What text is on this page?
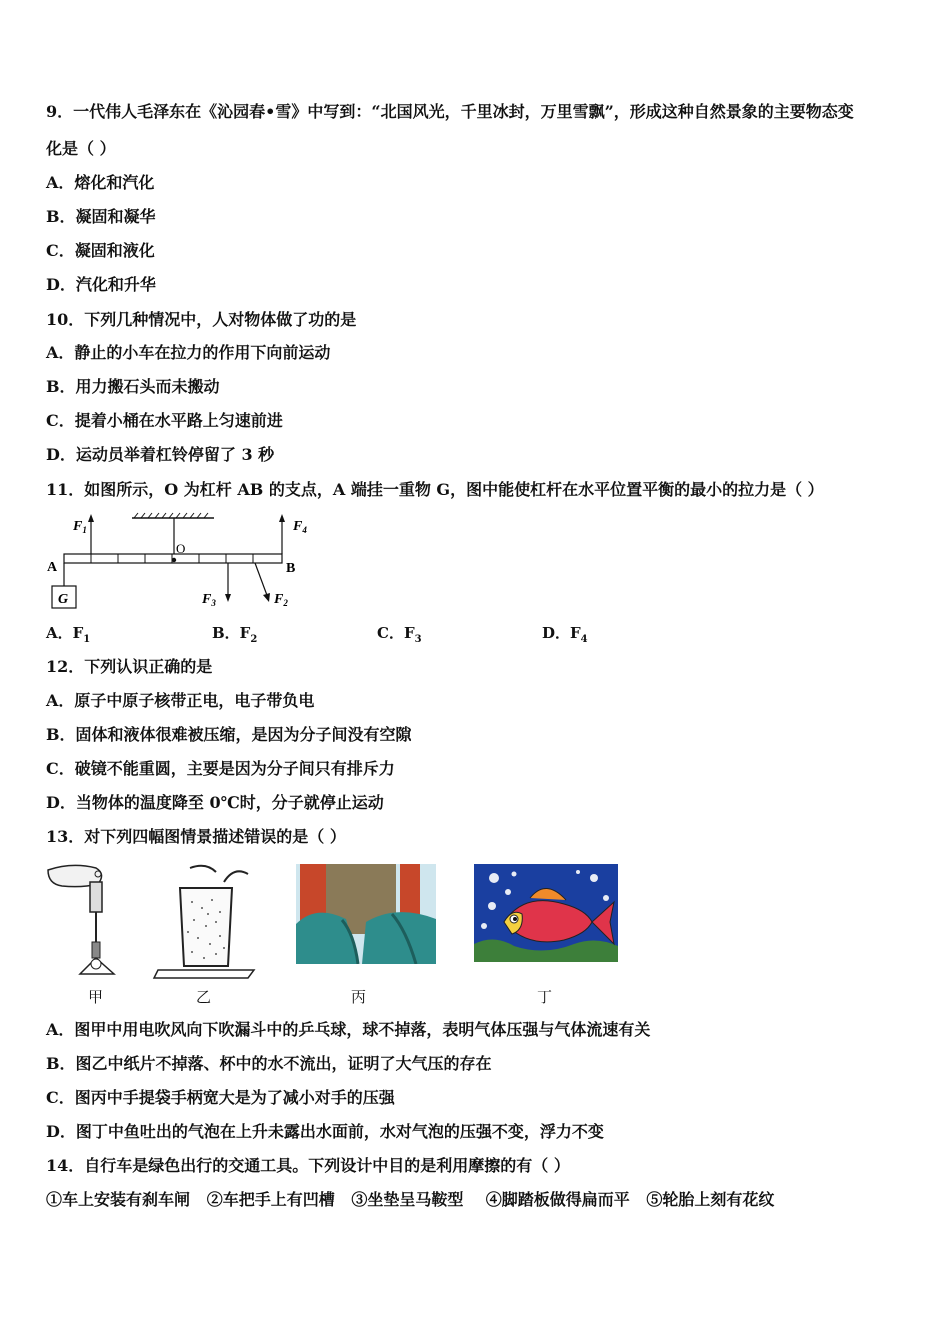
9．一代伟人毛泽东在《沁园春•雪》中写到：“北国风光，千里冰封，万里雪飘”，形成这种自然景象的主要物态变
化是（ ）
A．熔化和汽化
B．凝固和凝华
C．凝固和液化
D．汽化和升华
10．下列几种情况中，人对物体做了功的是
A．静止的小车在拉力的作用下向前运动
B．用力搬石头而未搬动
C．提着小桶在水平路上匀速前进
D．运动员举着杠铃停留了 3 秒
11．如图所示，O 为杠杆 AB 的支点，A 端挂一重物 G，图中能使杠杆在水平位置平衡的最小的拉力是（ ）
A	B
O
G
$F_1$	$F_4$
$F_3$	$F_2$
A．$F_1$	B．$F_2$	C．$F_3$	D．$F_4$
12．下列认识正确的是
A．原子中原子核带正电，电子带负电
B．固体和液体很难被压缩，是因为分子间没有空隙
C．破镜不能重圆，主要是因为分子间只有排斥力
D．当物体的温度降至 0℃时，分子就停止运动
13．对下列四幅图情景描述错误的是（ ）
甲	乙	丙	丁
A．图甲中用电吹风向下吹漏斗中的乒乓球，球不掉落，表明气体压强与气体流速有关
B．图乙中纸片不掉落、杯中的水不流出，证明了大气压的存在
C．图丙中手提袋手柄宽大是为了减小对手的压强
D．图丁中鱼吐出的气泡在上升未露出水面前，水对气泡的压强不变，浮力不变
14．自行车是绿色出行的交通工具。下列设计中目的是利用摩擦的有（ ）
①车上安装有刹车闸   ②车把手上有凹槽   ③坐垫呈马鞍型    ④脚踏板做得扁而平   ⑤轮胎上刻有花纹
